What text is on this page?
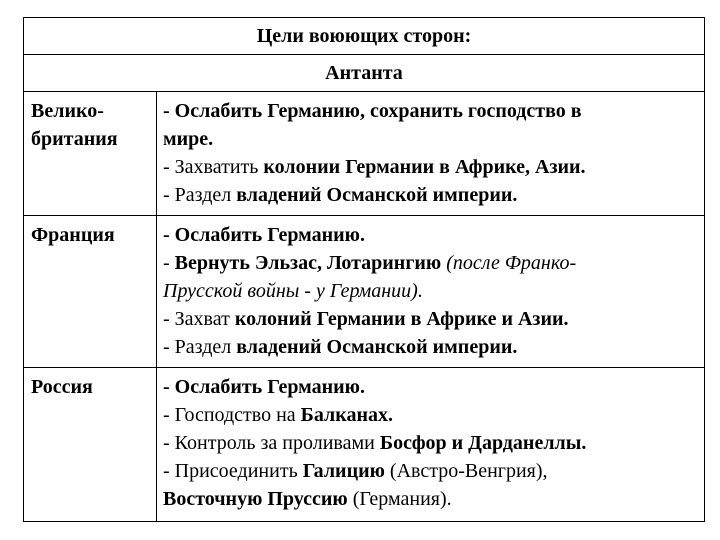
Цели воюющих сторон:	
Антанта	

Велико-
британия	- Ослабить Германию, сохранить господство в
мире.
- Захватить колонии Германии в Африке, Азии.
- Раздел владений Османской империи.

Франция	- Ослабить Германию.
- Вернуть Эльзас, Лотарингию (после Франко-
Прусской войны - у Германии).
- Захват колоний Германии в Африке и Азии.
- Раздел владений Османской империи.

Россия	- Ослабить Германию.
- Господство на Балканах.
- Контроль за проливами Босфор и Дарданеллы.
- Присоединить Галицию (Австро-Венгрия),
Восточную Пруссию (Германия).
